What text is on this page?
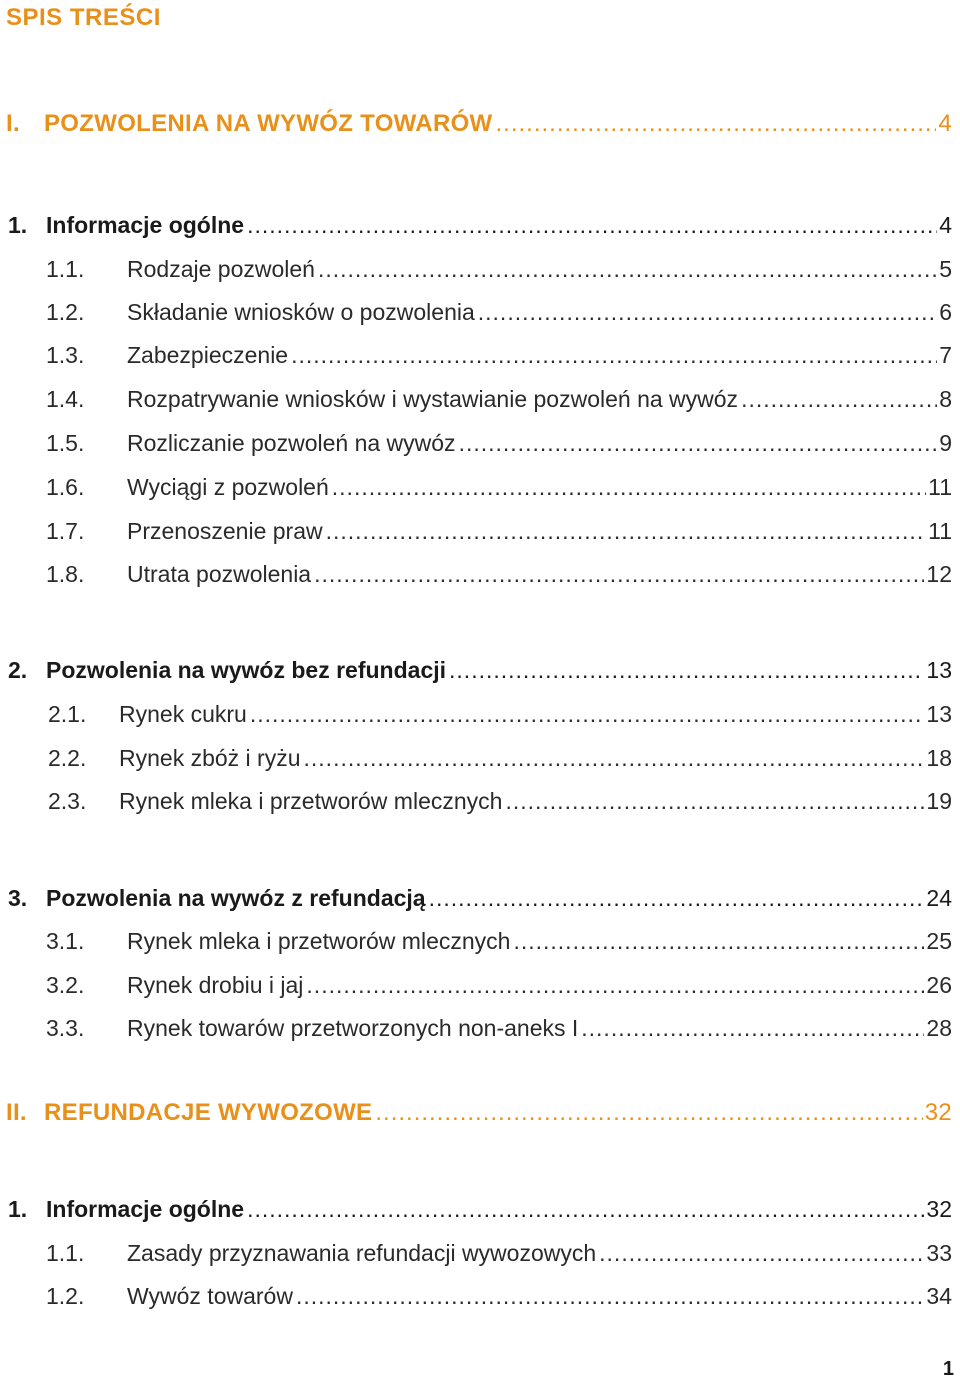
SPIS TREŚCI
I.	POZWOLENIA NA WYWÓZ TOWARÓW .....	4
1. Informacje ogólne .....	4
1.1.	Rodzaje pozwoleń .....	5
1.2.	Składanie wniosków o pozwolenia .....	6
1.3.	Zabezpieczenie .....	7
1.4.	Rozpatrywanie wniosków i wystawianie pozwoleń na wywóz .....	8
1.5.	Rozliczanie pozwoleń na wywóz .....	9
1.6.	Wyciągi z pozwoleń .....	11
1.7.	Przenoszenie praw .....	11
1.8.	Utrata pozwolenia .....	12
2. Pozwolenia na wywóz bez refundacji .....	13
2.1.	Rynek cukru .....	13
2.2.	Rynek zbóż i ryżu .....	18
2.3.	Rynek mleka i przetworów mlecznych .....	19
3. Pozwolenia na wywóz z refundacją .....	24
3.1.	Rynek mleka i przetworów mlecznych .....	25
3.2.	Rynek drobiu i jaj .....	26
3.3.	Rynek towarów przetworzonych non-aneks I .....	28
II. REFUNDACJE WYWOZOWE .....	32
1. Informacje ogólne .....	32
1.1.	Zasady przyznawania refundacji wywozowych .....	33
1.2.	Wywóz towarów .....	34
1
